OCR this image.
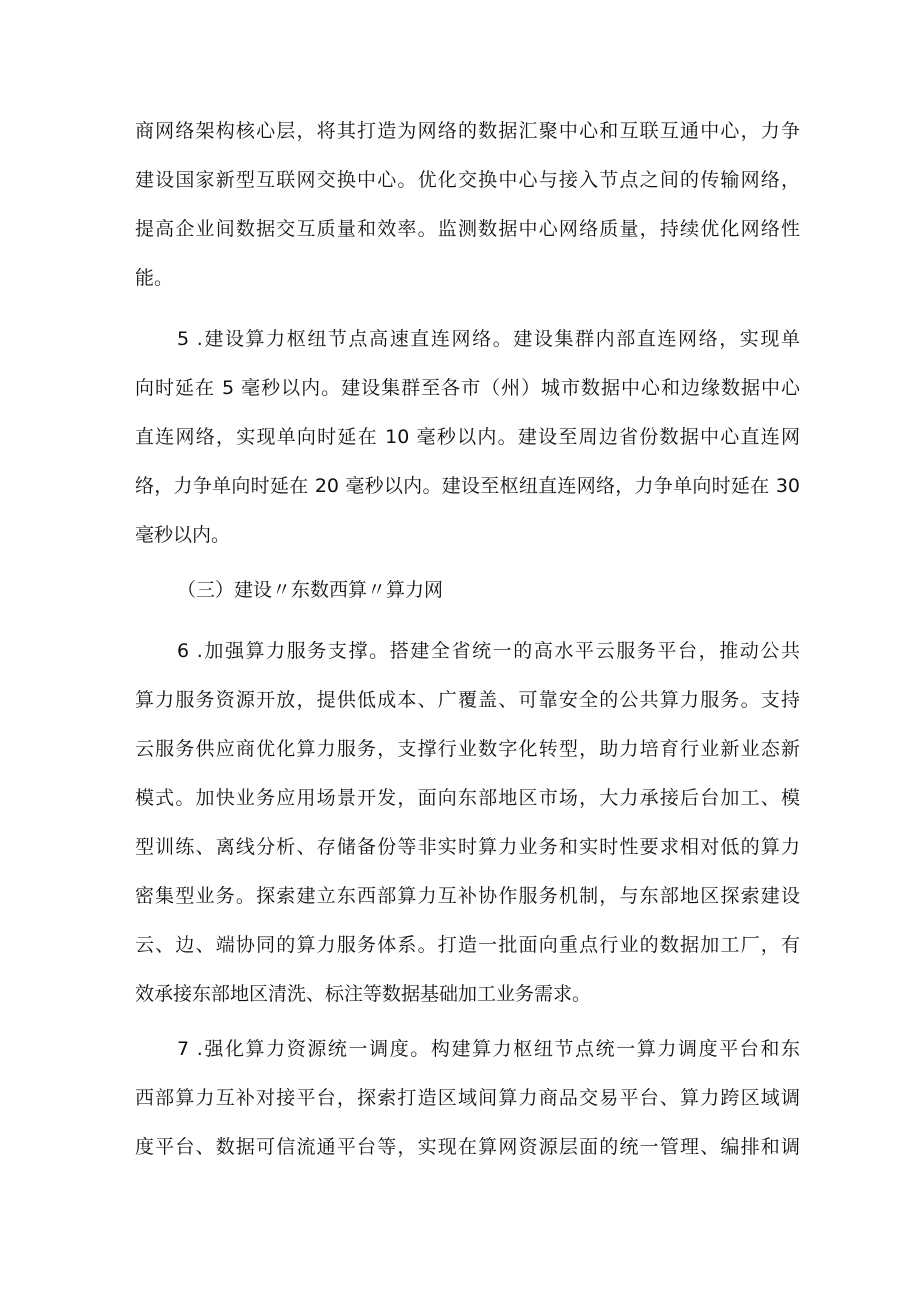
商网络架构核心层，将其打造为网络的数据汇聚中心和互联互通中心，力争
建设国家新型互联网交换中心。优化交换中心与接入节点之间的传输网络，
提高企业间数据交互质量和效率。监测数据中心网络质量，持续优化网络性
能。
5 .建设算力枢纽节点高速直连网络。建设集群内部直连网络，实现单
向时延在 5 毫秒以内。建设集群至各市（州）城市数据中心和边缘数据中心
直连网络，实现单向时延在 10 毫秒以内。建设至周边省份数据中心直连网
络，力争单向时延在 20 毫秒以内。建设至枢纽直连网络，力争单向时延在 30
毫秒以内。
（三）建设〃东数西算〃算力网
6 .加强算力服务支撑。搭建全省统一的高水平云服务平台，推动公共
算力服务资源开放，提供低成本、广覆盖、可靠安全的公共算力服务。支持
云服务供应商优化算力服务，支撑行业数字化转型，助力培育行业新业态新
模式。加快业务应用场景开发，面向东部地区市场，大力承接后台加工、模
型训练、离线分析、存储备份等非实时算力业务和实时性要求相对低的算力
密集型业务。探索建立东西部算力互补协作服务机制，与东部地区探索建设
云、边、端协同的算力服务体系。打造一批面向重点行业的数据加工厂，有
效承接东部地区清洗、标注等数据基础加工业务需求。
7 .强化算力资源统一调度。构建算力枢纽节点统一算力调度平台和东
西部算力互补对接平台，探索打造区域间算力商品交易平台、算力跨区域调
度平台、数据可信流通平台等，实现在算网资源层面的统一管理、编排和调
